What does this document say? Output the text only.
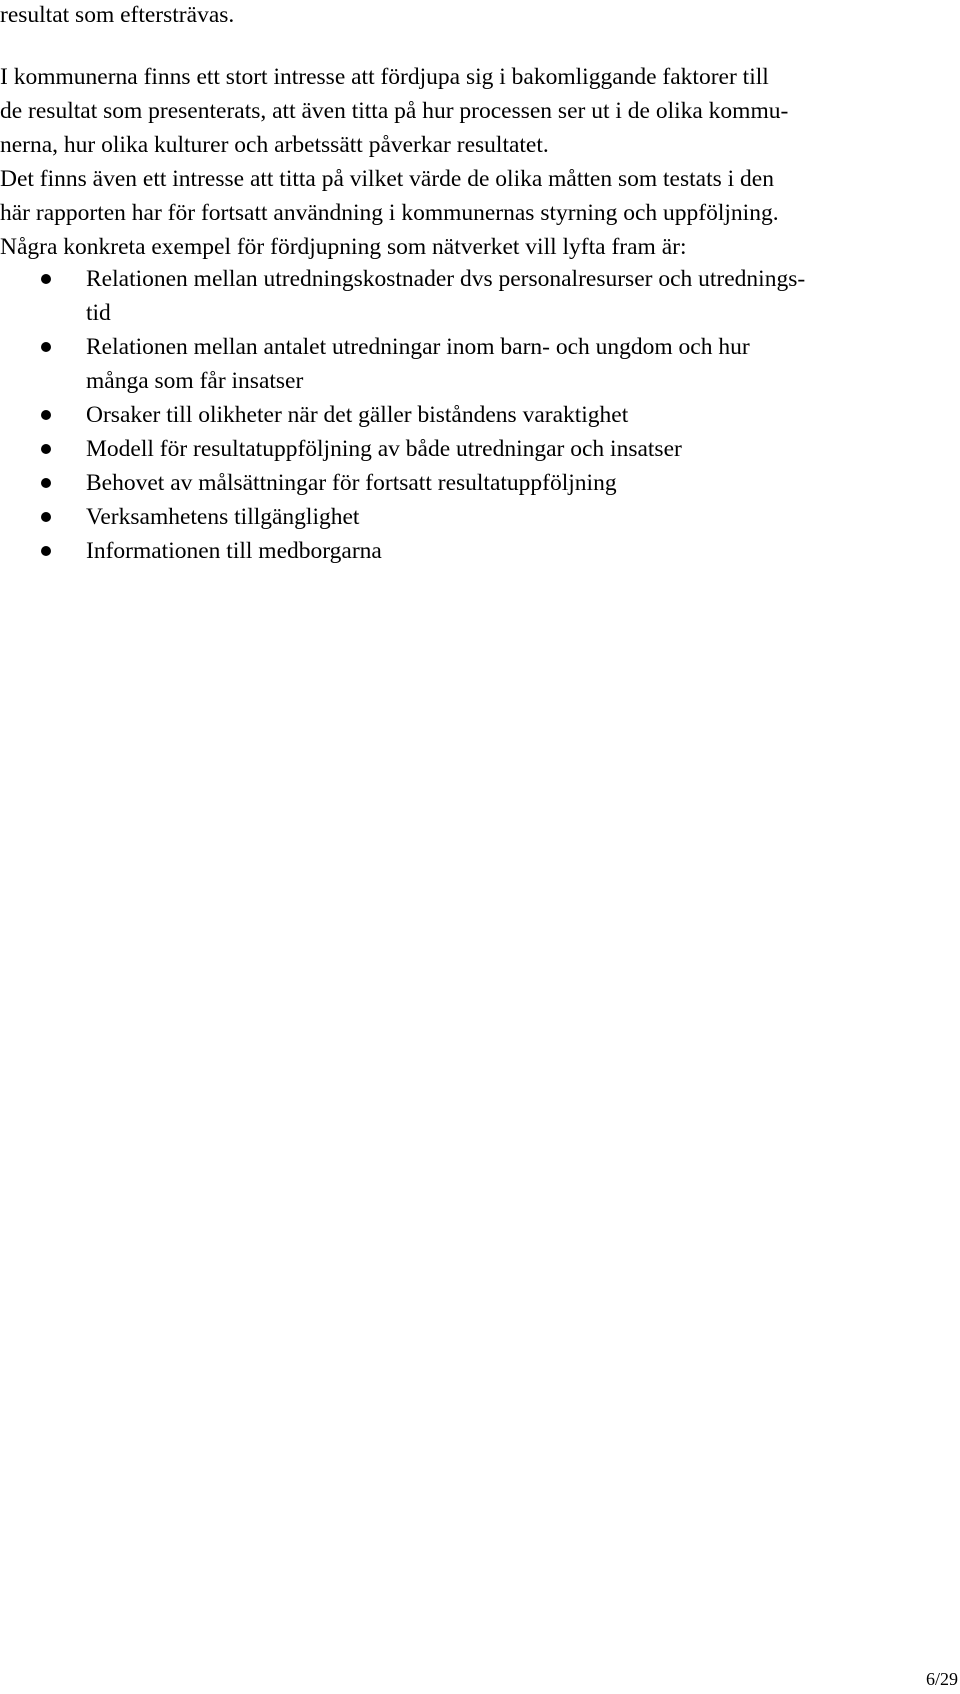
resultat som eftersträvas.
I kommunerna finns ett stort intresse att fördjupa sig i bakomliggande faktorer till
de resultat som presenterats, att även titta på hur processen ser ut i de olika kommu-
nerna, hur olika kulturer och arbetssätt påverkar resultatet.
Det finns även ett intresse att titta på vilket värde de olika måtten som testats i den
här rapporten har för fortsatt användning i kommunernas styrning och uppföljning.
Några konkreta exempel för fördjupning som nätverket vill lyfta fram är:
Relationen mellan utredningskostnader dvs personalresurser och utrednings-
tid
Relationen mellan antalet utredningar inom barn- och ungdom och hur
många som får insatser
Orsaker till olikheter när det gäller biståndens varaktighet
Modell för resultatuppföljning av både utredningar och insatser
Behovet av målsättningar för fortsatt resultatuppföljning
Verksamhetens tillgänglighet
Informationen till medborgarna
6/29
